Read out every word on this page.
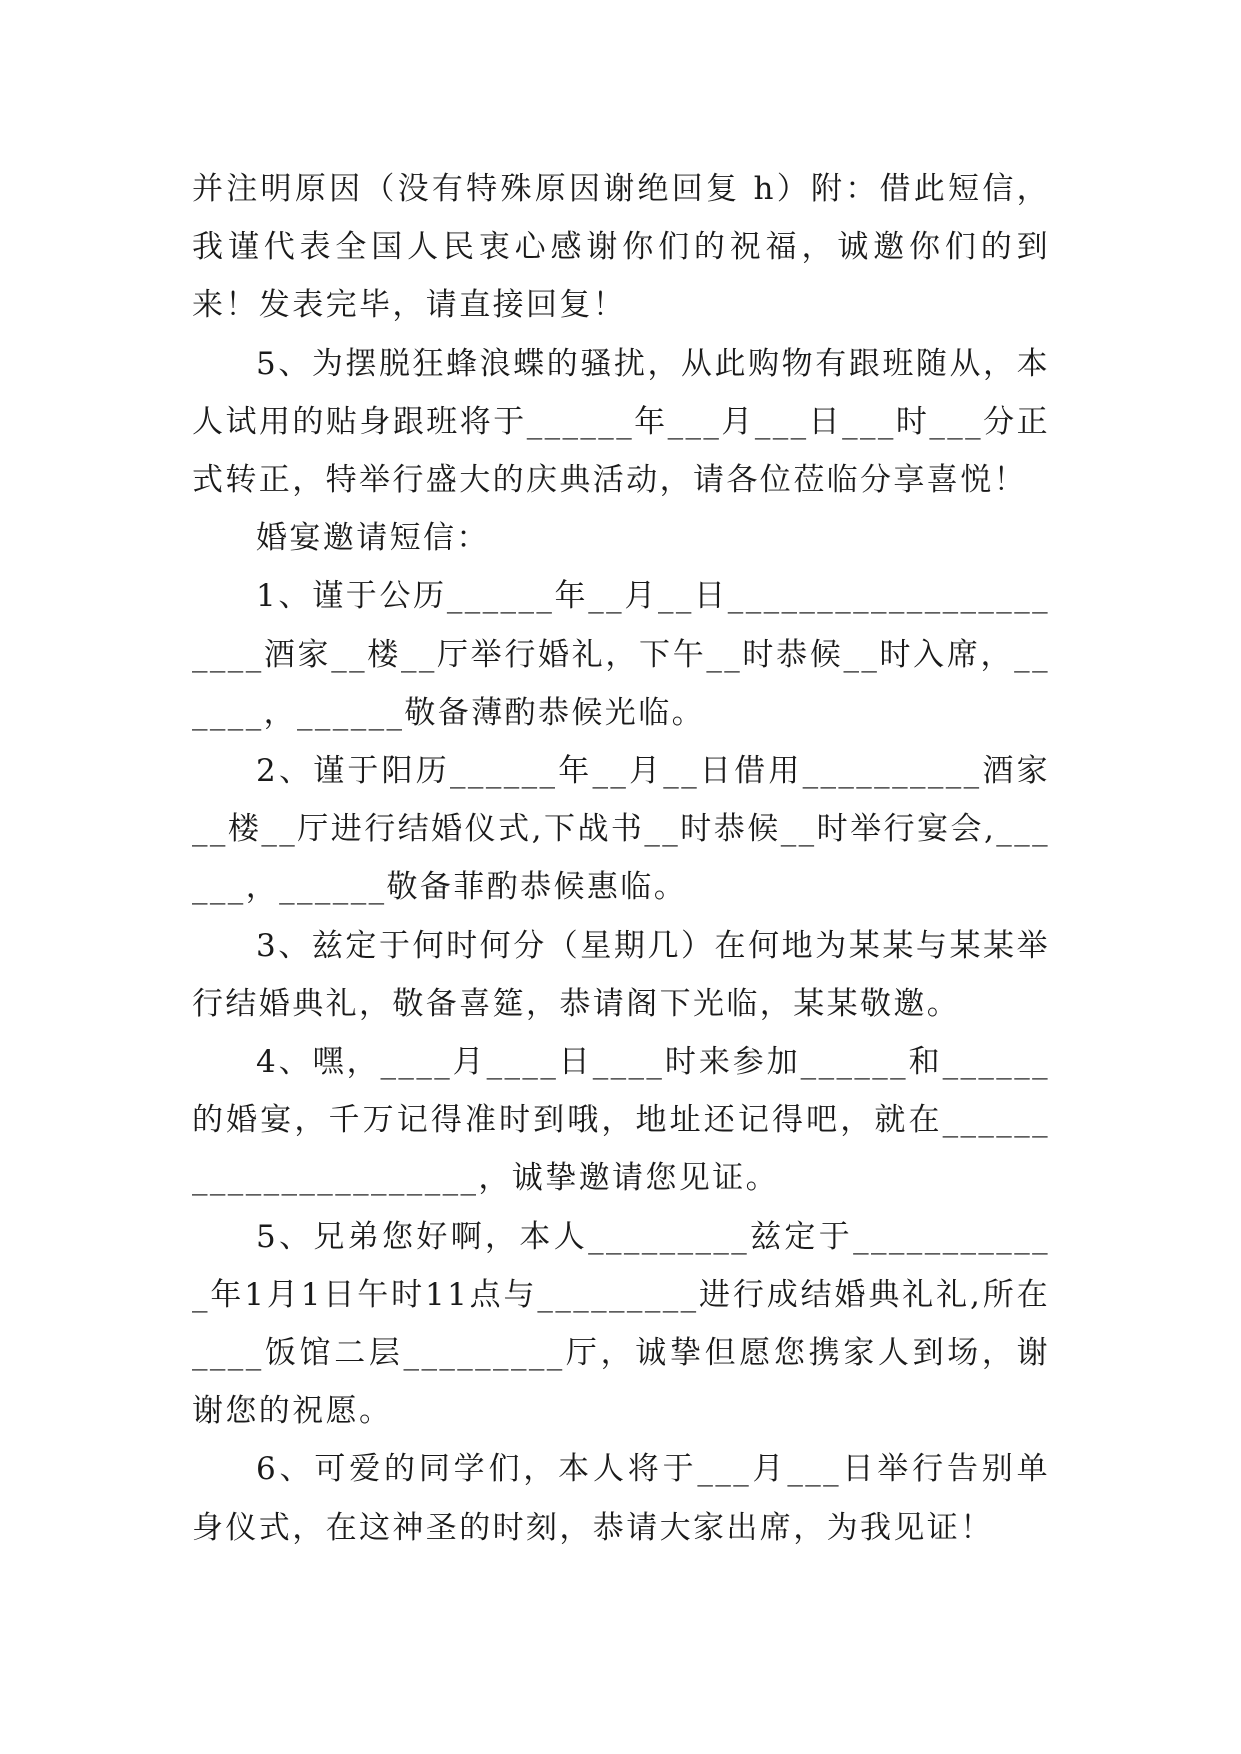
并注明原因（没有特殊原因谢绝回复 h）附：借此短信，我谨代表全国人民衷心感谢你们的祝福，诚邀你们的到来！发表完毕，请直接回复！

5、为摆脱狂蜂浪蝶的骚扰，从此购物有跟班随从，本人试用的贴身跟班将于______年___月___日___时___分正式转正，特举行盛大的庆典活动，请各位莅临分享喜悦！

婚宴邀请短信：

1、谨于公历______年__月__日______________________酒家__楼__厅举行婚礼，下午__时恭候__时入席，______，______敬备薄酌恭候光临。

2、谨于阳历______年__月__日借用__________酒家__楼__厅进行结婚仪式,下战书__时恭候__时举行宴会,______，______敬备菲酌恭候惠临。

3、兹定于何时何分（星期几）在何地为某某与某某举行结婚典礼，敬备喜筵，恭请阁下光临，某某敬邀。

4、嘿，____月____日____时来参加______和______的婚宴，千万记得准时到哦，地址还记得吧，就在______________________，诚挚邀请您见证。

5、兄弟您好啊，本人_________兹定于____________年1月1日午时11点与_________进行成结婚典礼礼,所在____饭馆二层_________厅，诚挚但愿您携家人到场，谢谢您的祝愿。

6、可爱的同学们，本人将于___月___日举行告别单身仪式，在这神圣的时刻，恭请大家出席，为我见证！
